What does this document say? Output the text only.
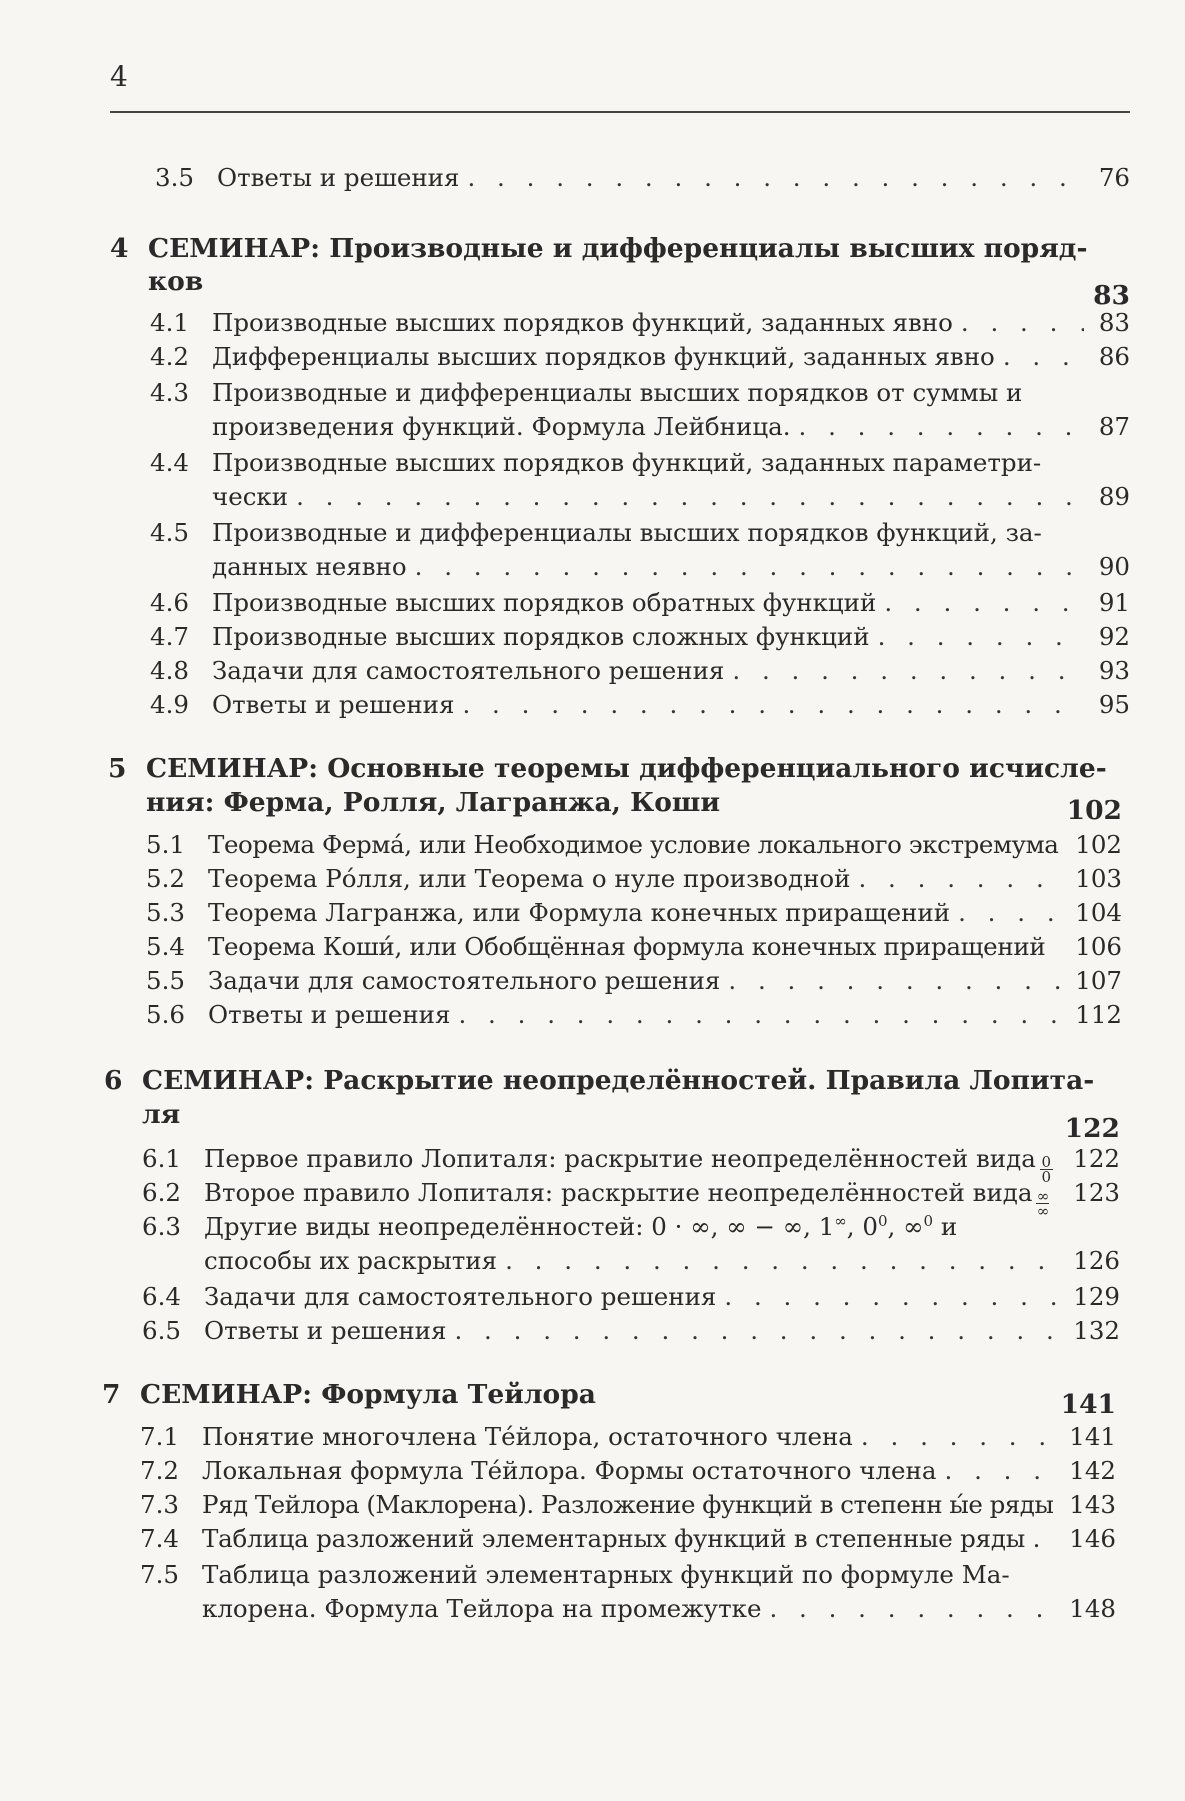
4
3.5 Ответы и решения . . .	76
4 СЕМИНАР: Производные и дифференциалы высших поряд-
ков	83
4.1 Производные высших порядков функций, заданных явно . . .	83
4.2 Дифференциалы высших порядков функций, заданных явно . . .	86
4.3 Производные и дифференциалы высших порядков от суммы и
произведения функций. Формула Лейбница. . . .	87
4.4 Производные высших порядков функций, заданных параметри-
чески . . .	89
4.5 Производные и дифференциалы высших порядков функций, за-
данных неявно . . .	90
4.6 Производные высших порядков обратных функций . . .	91
4.7 Производные высших порядков сложных функций . . .	92
4.8 Задачи для самостоятельного решения . . .	93
4.9 Ответы и решения . . .	95
5 СЕМИНАР: Основные теоремы дифференциального исчисле-
ния: Ферма, Ролля, Лагранжа, Коши	102
5.1 Теорема Ферма́, или Необходимое условие локального экстремума 102
5.2 Теорема Ро́лля, или Теорема о нуле производной . . .	103
5.3 Теорема Лагранжа, или Формула конечных приращений . . .	104
5.4 Теорема Коши́, или Обобщённая формула конечных приращений 106
5.5 Задачи для самостоятельного решения . . .	107
5.6 Ответы и решения . . .	112
6 СЕМИНАР: Раскрытие неопределённостей. Правила Лопита-
ля	122
6.1 Первое правило Лопиталя: раскрытие неопределённостей вида $\frac{0}{0} 122$
6.2 Второе правило Лопиталя: раскрытие неопределённостей вида $\frac{\infty}{\infty} 123$
6.3 Другие виды неопределённостей: 0 · ∞, ∞ − ∞, 1∞, $0^0$, ∞$^0$ и
способы их раскрытия . . .	126
6.4 Задачи для самостоятельного решения . . .	129
6.5 Ответы и решения . . .	132
7 СЕМИНАР: Формула Тейлора	141
7.1 Понятие многочлена Те́йлора, остаточного члена . . .	141
7.2 Локальная формула Те́йлора. Формы остаточного члена . . .	142
7.3 Ряд Тейлора (Маклорена). Разложение функций в степенн ы́е ряды 143
7.4 Таблица разложений элементарных функций в степенные ряды . 146
7.5 Таблица разложений элементарных функций по формуле Ма-
клорена. Формула Тейлора на промежутке . . .	148
